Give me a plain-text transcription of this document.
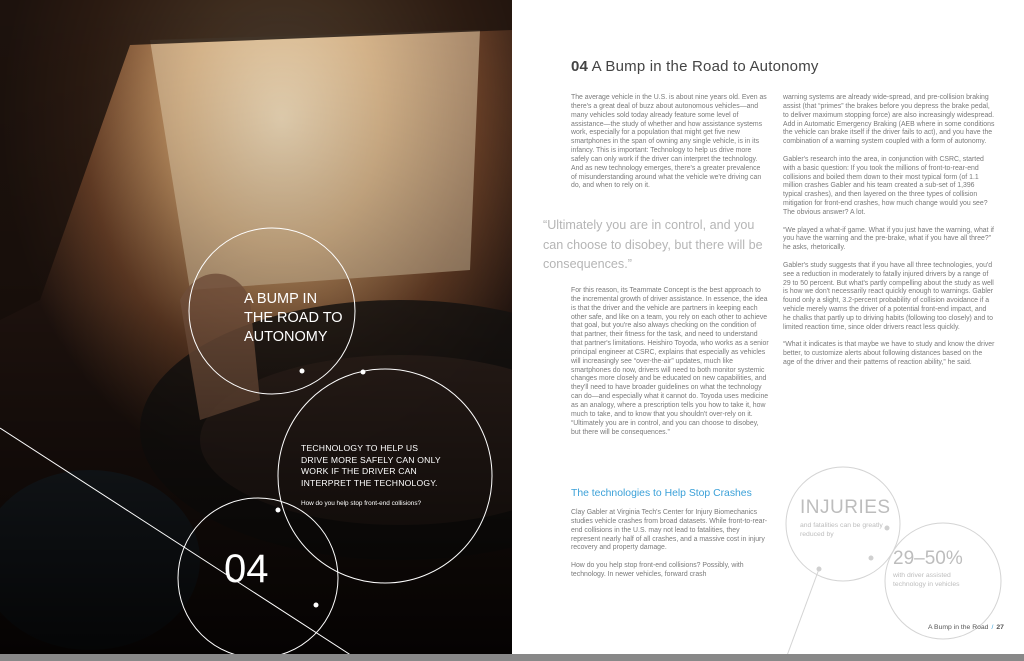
A BUMP IN
THE ROAD TO
AUTONOMY
TECHNOLOGY TO HELP US
DRIVE MORE SAFELY CAN ONLY
WORK IF THE DRIVER CAN
INTERPRET THE TECHNOLOGY.
How do you help stop front-end collisions?
04
04 A Bump in the Road to Autonomy

The average vehicle in the U.S. is about nine years old. Even as there's a great deal of buzz about autonomous vehicles—and many vehicles sold today already feature some level of assistance—the study of whether and how assistance systems work, especially for a population that might get five new smartphones in the span of owning any single vehicle, is in its infancy. This is important: Technology to help us drive more safely can only work if the driver can interpret the technology. And as new technology emerges, there's a greater prevalence of misunderstanding around what the vehicle we're driving can do, and when to rely on it.

“Ultimately you are in control, and you can choose to disobey, but there will be consequences.”

For this reason, its Teammate Concept is the best approach to the incremental growth of driver assistance. In essence, the idea is that the driver and the vehicle are partners in keeping each other safe, and like on a team, you rely on each other to achieve that goal, but you're also always checking on the condition of that partner, their fitness for the task, and need to understand that partner's limitations. Heishiro Toyoda, who works as a senior principal engineer at CSRC, explains that especially as vehicles will increasingly see “over-the-air” updates, much like smartphones do now, drivers will need to both monitor systemic changes more closely and be educated on new capabilities, and they'll need to have broader guidelines on what the technology can do—and especially what it cannot do. Toyoda uses medicine as an analogy, where a prescription tells you how to take it, how much to take, and to know that you shouldn't over-rely on it. “Ultimately you are in control, and you can choose to disobey, but there will be consequences.”

The technologies to Help Stop Crashes

Clay Gabler at Virginia Tech's Center for Injury Biomechanics studies vehicle crashes from broad datasets. While front-to-rear-end collisions in the U.S. may not lead to fatalities, they represent nearly half of all crashes, and a massive cost in injury recovery and property damage.

How do you help stop front-end collisions? Possibly, with technology. In newer vehicles, forward crash

warning systems are already wide-spread, and pre-collision braking assist (that “primes” the brakes before you depress the brake pedal, to deliver maximum stopping force) are also increasingly widespread. Add in Automatic Emergency Braking (AEB where in some conditions the vehicle can brake itself if the driver fails to act), and you have the combination of a warning system coupled with a form of autonomy.

Gabler's research into the area, in conjunction with CSRC, started with a basic question: If you took the millions of front-to-rear-end collisions and boiled them down to their most typical form (of 1.1 million crashes Gabler and his team created a sub-set of 1,396 typical crashes), and then layered on the three types of collision mitigation for front-end crashes, how much change would you see? The obvious answer? A lot.

“We played a what-if game. What if you just have the warning, what if you have the warning and the pre-brake, what if you have all three?” he asks, rhetorically.

Gabler's study suggests that if you have all three technologies, you'd see a reduction in moderately to fatally injured drivers by a range of 29 to 50 percent. But what's partly compelling about the study as well is how we don't necessarily react quickly enough to warnings. Gabler found only a slight, 3.2-percent probability of collision avoidance if a vehicle merely warns the driver of a potential front-end impact, and he chalks that partly up to driving habits (following too closely) and to limited reaction time, since older drivers react less quickly.

“What it indicates is that maybe we have to study and know the driver better, to customize alerts about following distances based on the age of the driver and their patterns of reaction ability,” he said.

INJURIES
and fatalities can be greatly reduced by
29–50%
with driver assisted technology in vehicles
A Bump in the Road / 27
